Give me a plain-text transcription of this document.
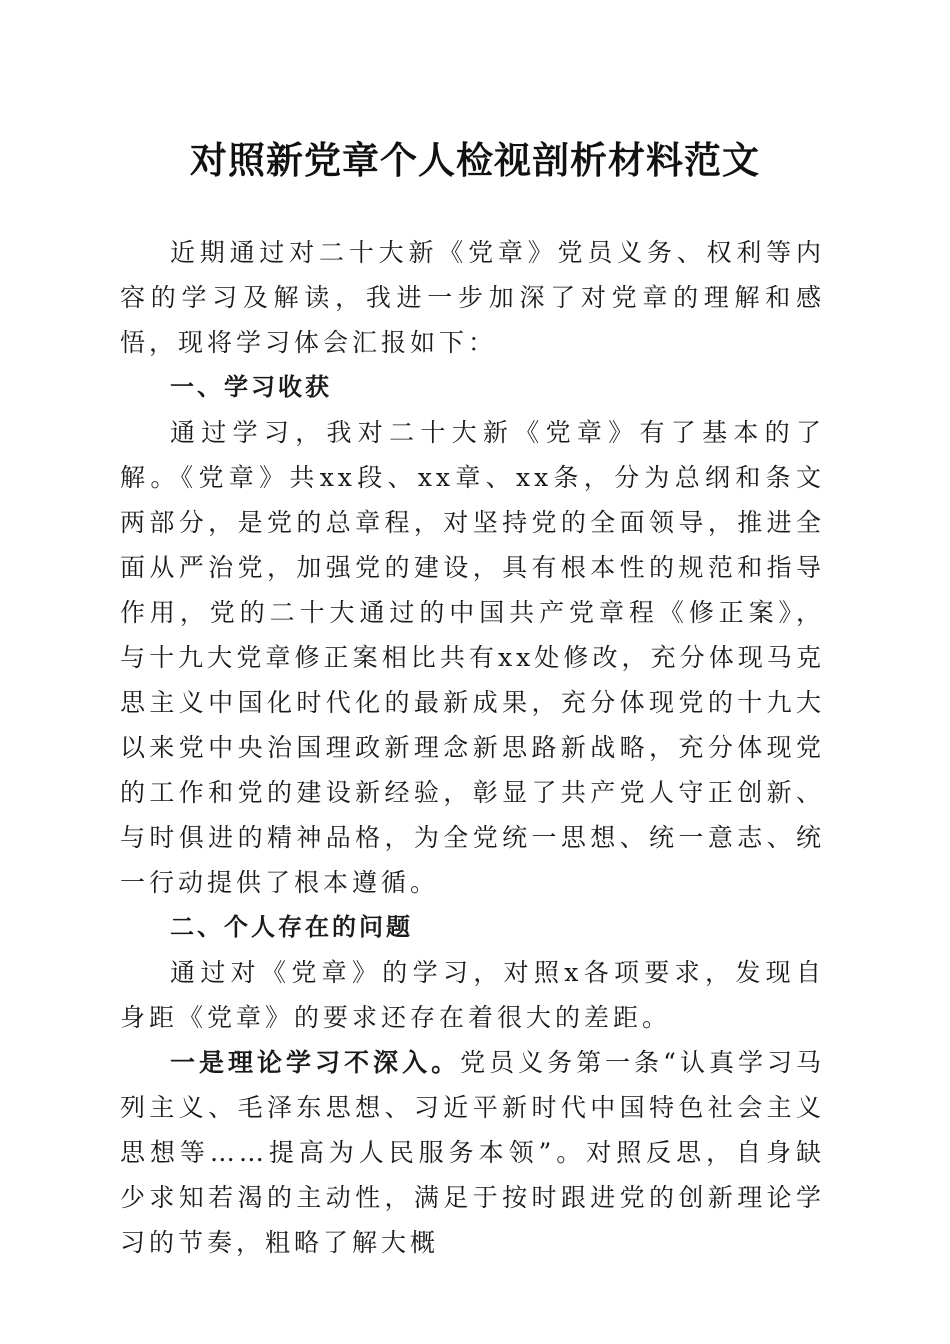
对照新党章个人检视剖析材料范文

近期通过对二十大新《党章》党员义务、权利等内容的学习及解读，我进一步加深了对党章的理解和感悟，现将学习体会汇报如下：

一、学习收获

通过学习，我对二十大新《党章》有了基本的了解。《党章》共xx段、xx章、xx条，分为总纲和条文两部分，是党的总章程，对坚持党的全面领导，推进全面从严治党，加强党的建设，具有根本性的规范和指导作用，党的二十大通过的中国共产党章程《修正案》，与十九大党章修正案相比共有xx处修改，充分体现马克思主义中国化时代化的最新成果，充分体现党的十九大以来党中央治国理政新理念新思路新战略，充分体现党的工作和党的建设新经验，彰显了共产党人守正创新、与时俱进的精神品格，为全党统一思想、统一意志、统一行动提供了根本遵循。

二、个人存在的问题

通过对《党章》的学习，对照x各项要求，发现自身距《党章》的要求还存在着很大的差距。

一是理论学习不深入。党员义务第一条“认真学习马列主义、毛泽东思想、习近平新时代中国特色社会主义思想等……提高为人民服务本领”。对照反思，自身缺少求知若渴的主动性，满足于按时跟进党的创新理论学习的节奏，粗略了解大概
